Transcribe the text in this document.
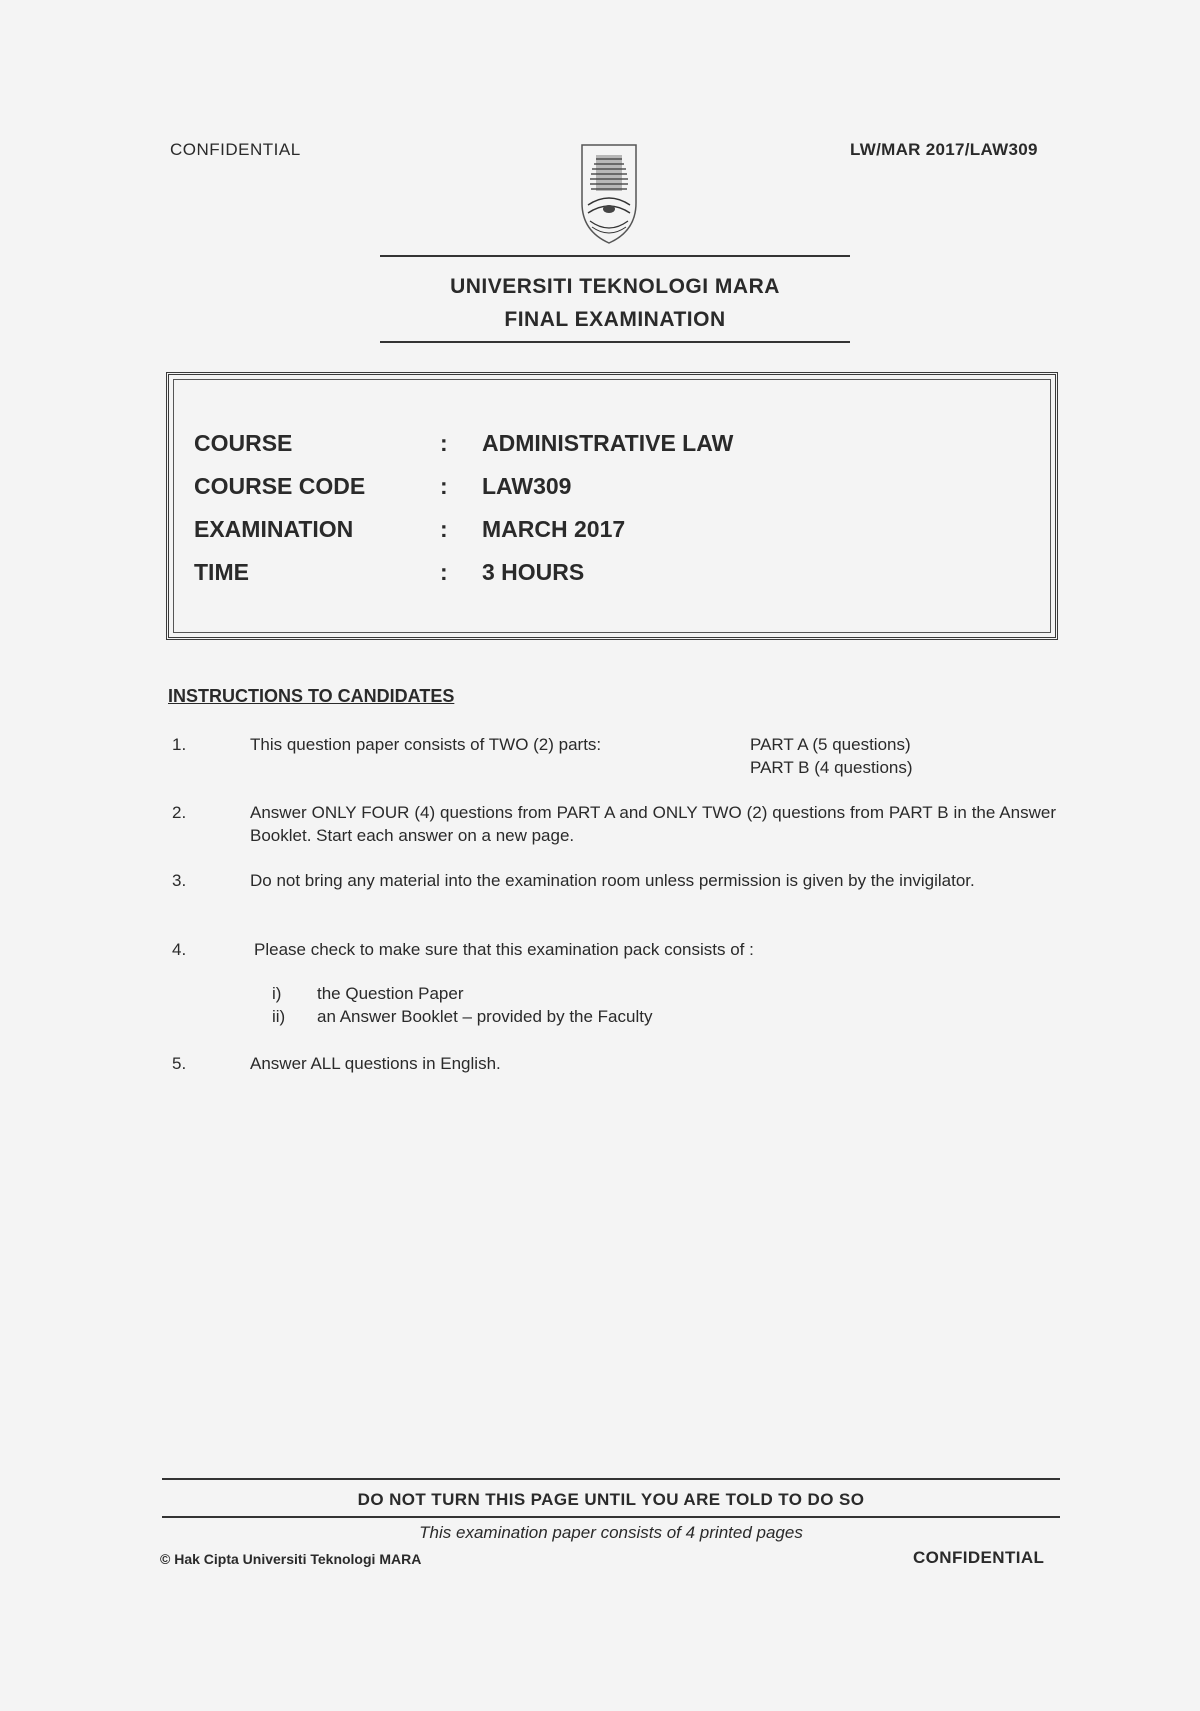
CONFIDENTIAL	LW/MAR 2017/LAW309
UNIVERSITI TEKNOLOGI MARA
FINAL EXAMINATION
COURSE	: ADMINISTRATIVE LAW
COURSE CODE	: LAW309
EXAMINATION	: MARCH 2017
TIME	: 3 HOURS
INSTRUCTIONS TO CANDIDATES
1.	This question paper consists of TWO (2) parts:	PART A (5 questions)
PART B (4 questions)
2.	Answer ONLY FOUR (4) questions from PART A and ONLY TWO (2) questions from PART B in the Answer Booklet. Start each answer on a new page.
3.	Do not bring any material into the examination room unless permission is given by the invigilator.
4.	Please check to make sure that this examination pack consists of :
i) the Question Paper
ii) an Answer Booklet – provided by the Faculty
5.	Answer ALL questions in English.
DO NOT TURN THIS PAGE UNTIL YOU ARE TOLD TO DO SO
This examination paper consists of 4 printed pages
© Hak Cipta Universiti Teknologi MARA	CONFIDENTIAL
